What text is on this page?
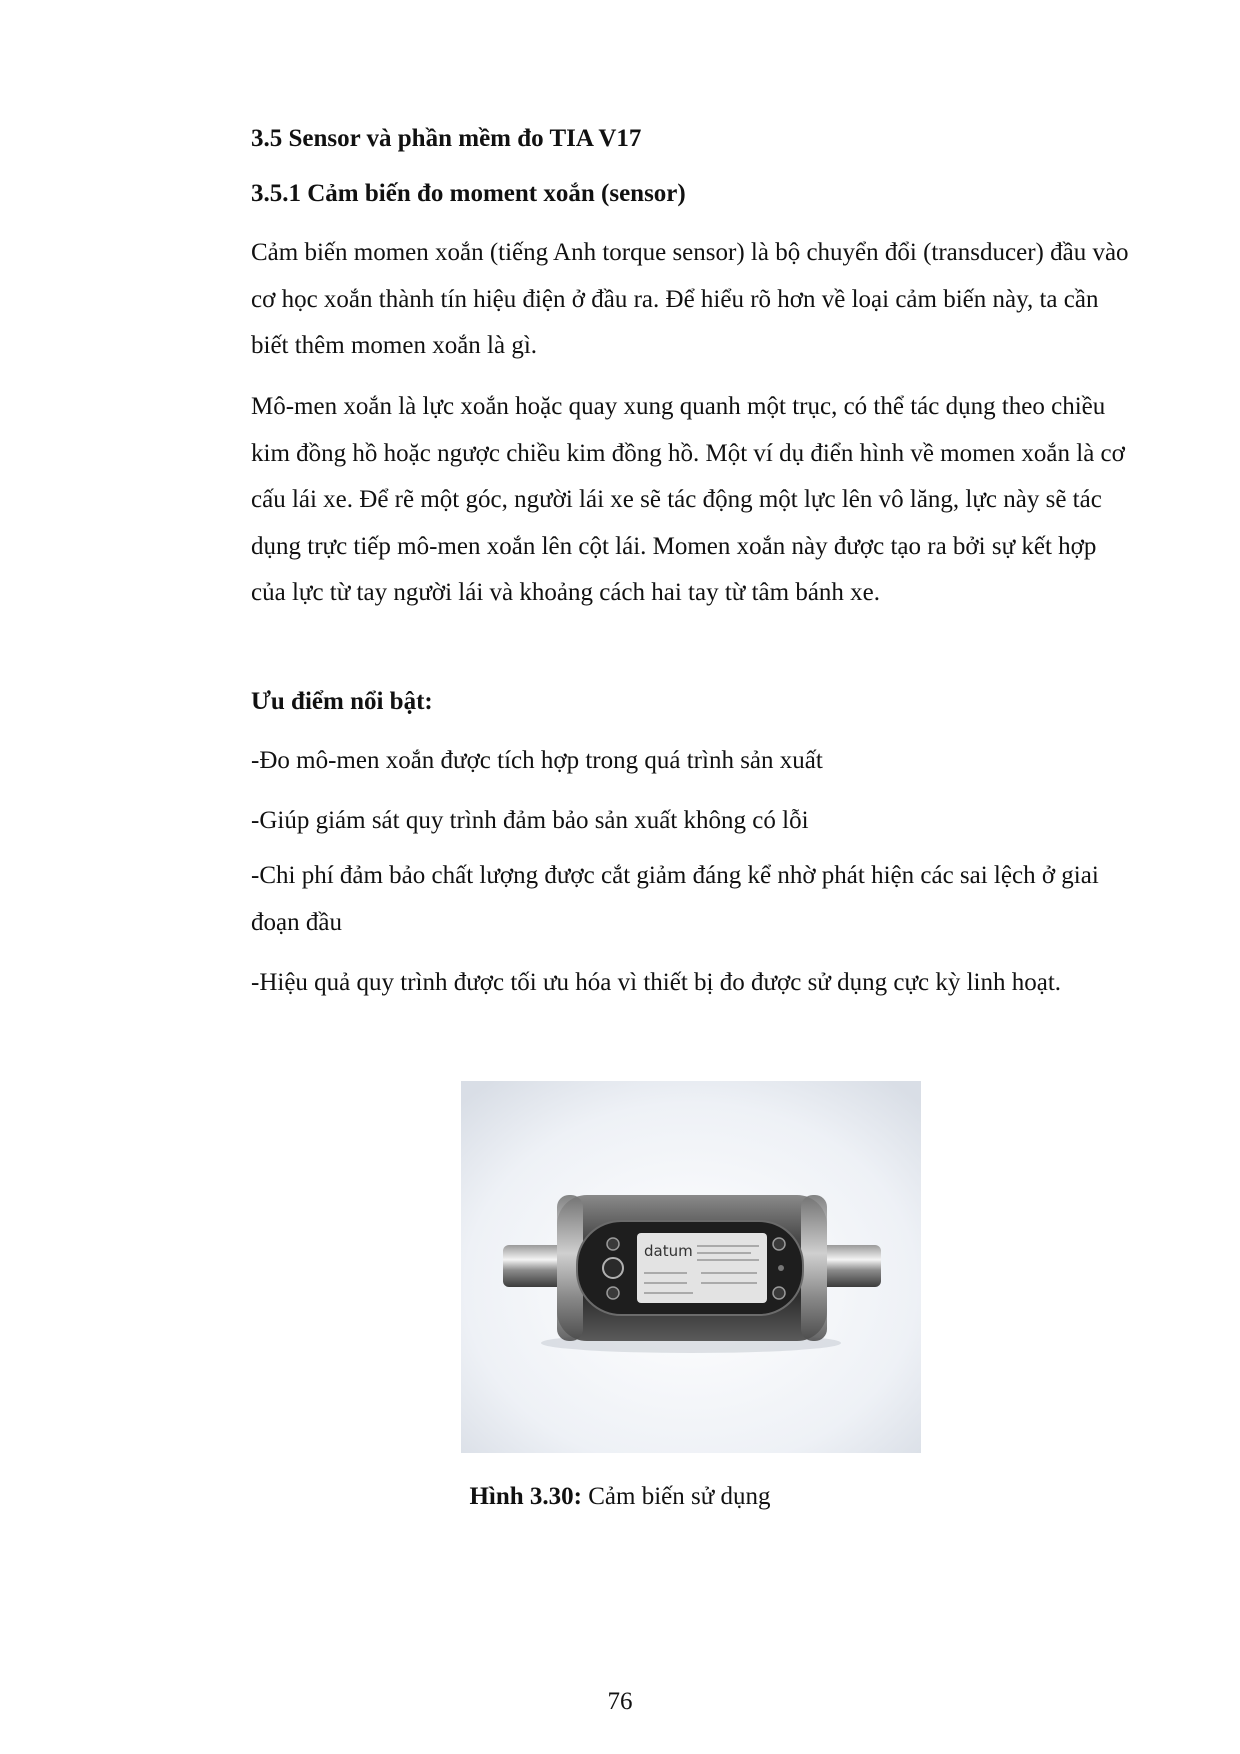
3.5 Sensor và phần mềm đo TIA V17
3.5.1 Cảm biến đo moment xoắn (sensor)

Cảm biến momen xoắn (tiếng Anh torque sensor) là bộ chuyển đổi (transducer) đầu vào cơ học xoắn thành tín hiệu điện ở đầu ra. Để hiểu rõ hơn về loại cảm biến này, ta cần biết thêm momen xoắn là gì.

Mô-men xoắn là lực xoắn hoặc quay xung quanh một trục, có thể tác dụng theo chiều kim đồng hồ hoặc ngược chiều kim đồng hồ. Một ví dụ điển hình về momen xoắn là cơ cấu lái xe. Để rẽ một góc, người lái xe sẽ tác động một lực lên vô lăng, lực này sẽ tác dụng trực tiếp mô-men xoắn lên cột lái. Momen xoắn này được tạo ra bởi sự kết hợp của lực từ tay người lái và khoảng cách hai tay từ tâm bánh xe.

Ưu điểm nổi bật:

-Đo mô-men xoắn được tích hợp trong quá trình sản xuất

-Giúp giám sát quy trình đảm bảo sản xuất không có lỗi

-Chi phí đảm bảo chất lượng được cắt giảm đáng kể nhờ phát hiện các sai lệch ở giai đoạn đầu

-Hiệu quả quy trình được tối ưu hóa vì thiết bị đo được sử dụng cực kỳ linh hoạt.

datum
Hình 3.30: Cảm biến sử dụng
76
